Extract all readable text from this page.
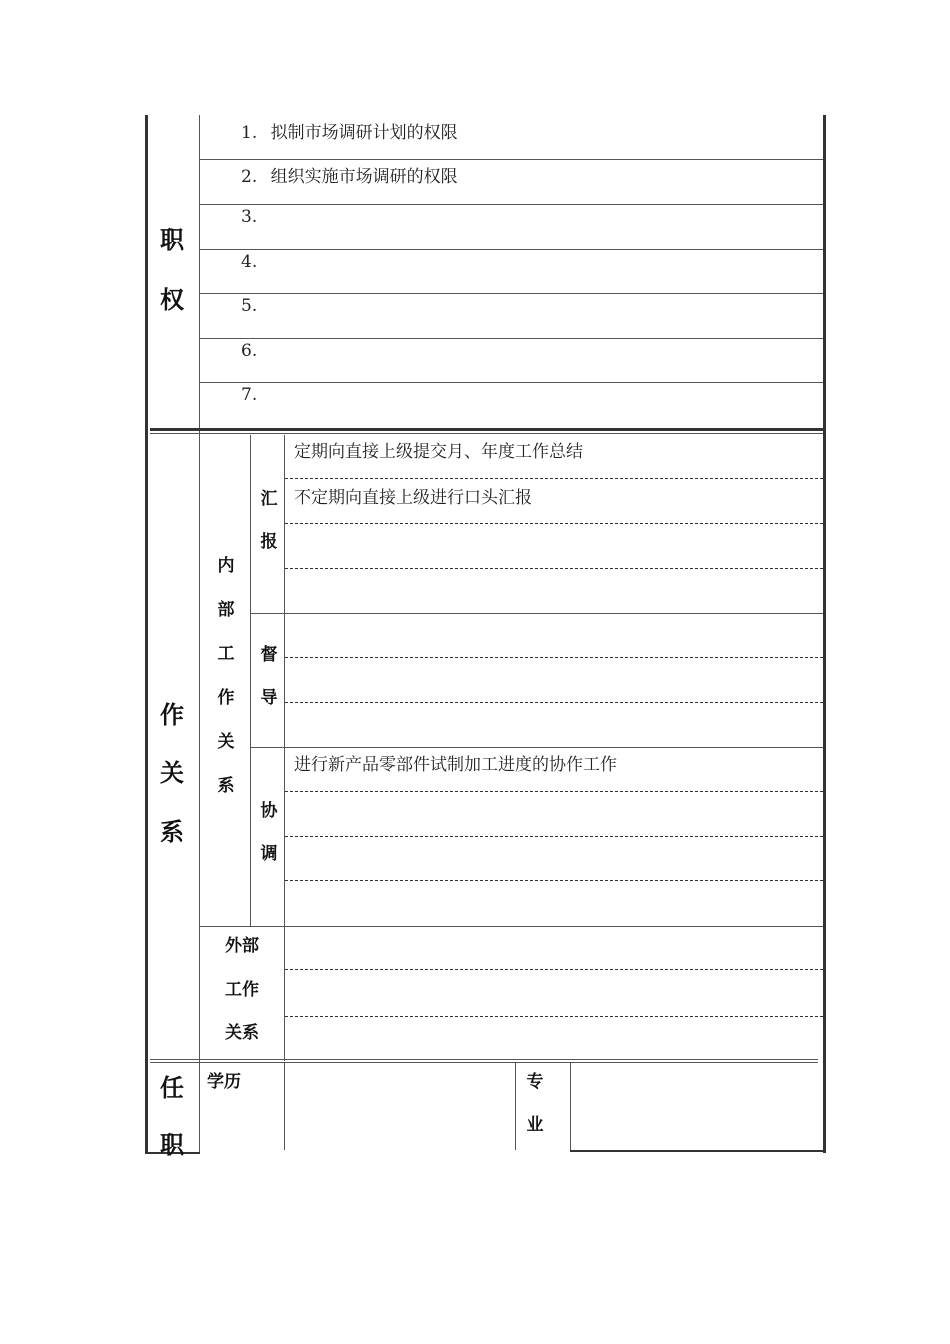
职
权
1. 拟制市场调研计划的权限
2. 组织实施市场调研的权限
3.
4.
5.
6.
7.
作
关
系
内
部
工
作
关
系
汇
报
定期向直接上级提交月、年度工作总结
不定期向直接上级进行口头汇报
督
导
协
调
进行新产品零部件试制加工进度的协作工作
外部
工作
关系
任
职
学历	专
业
